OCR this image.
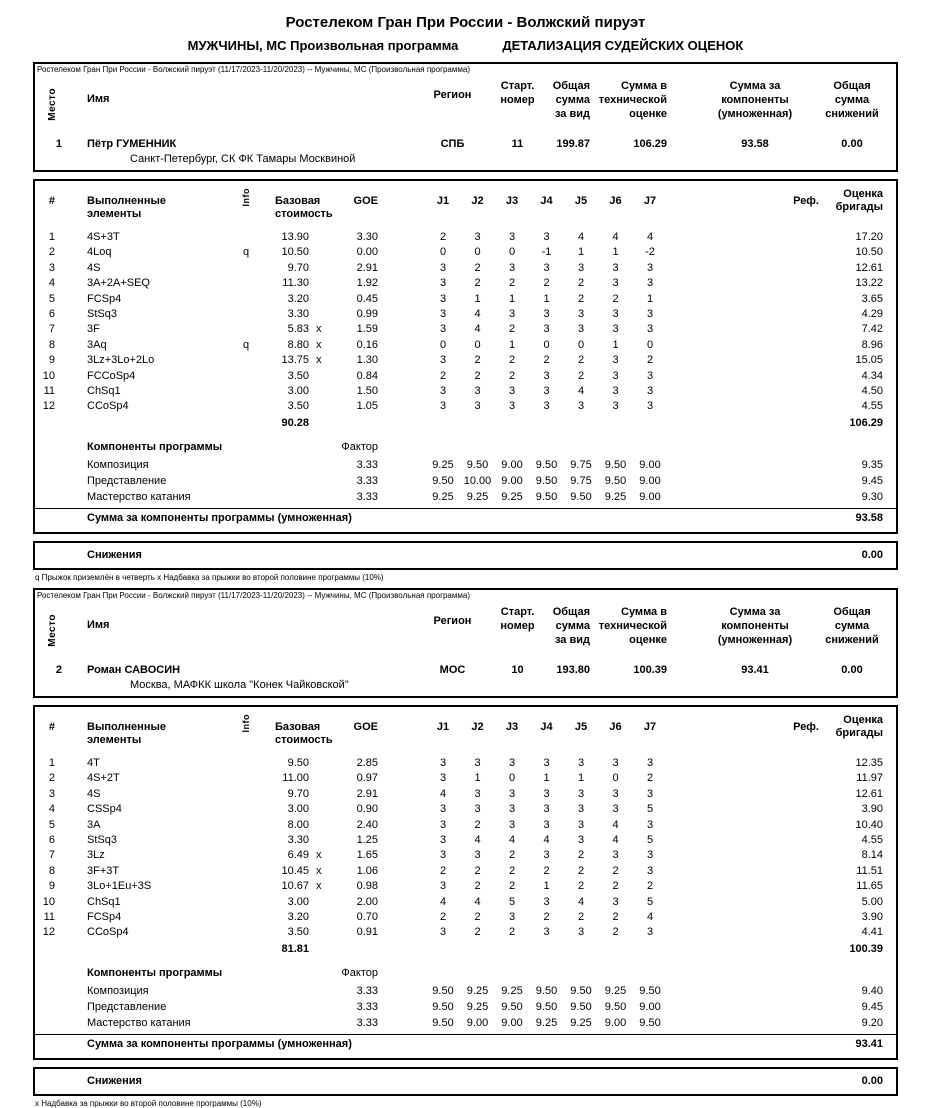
Ростелеком Гран При России - Волжский пируэт
МУЖЧИНЫ, МС Произвольная программа	ДЕТАЛИЗАЦИЯ СУДЕЙСКИХ ОЦЕНОК
Ростелеком Гран При России - Волжский пируэт (11/17/2023-11/20/2023) -- Мужчины, МС (Произвольная программа)
Место	Имя	Регион
Старт.
номер
Общая
сумма
за вид
Сумма в
технической
оценке
Сумма за
компоненты
(умноженная)
Общая
сумма
снижений
1	Пётр ГУМЕННИК	СПБ	11	199.87	106.29	93.58	0.00
Санкт-Петербург, СК ФК Тамары Москвиной
#	Выполненные
элементы
Info Базовая
стоимость
GOE	J1	J2	J3	J4	J5	J6	J7	Реф.
Оценка
бригады
1	4S+3T	13.90	3.30	2	3	3	3	4	4	4	17.20
2	4Loq	q	10.50	0.00	0	0	0	-1	1	1	-2	10.50
3	4S	9.70	2.91	3	2	3	3	3	3	3	12.61
4	3A+2A+SEQ	11.30	1.92	3	2	2	2	2	3	3	13.22
5	FCSp4	3.20	0.45	3	1	1	1	2	2	1	3.65
6	StSq3	3.30	0.99	3	4	3	3	3	3	3	4.29
7	3F	5.83 x	1.59	3	4	2	3	3	3	3	7.42
8	3Aq	q	8.80 x	0.16	0	0	1	0	0	1	0	8.96
9	3Lz+3Lo+2Lo	13.75 x	1.30	3	2	2	2	2	3	2	15.05
10	FCCoSp4	3.50	0.84	2	2	2	3	2	3	3	4.34
11	ChSq1	3.00	1.50	3	3	3	3	4	3	3	4.50
12	CCoSp4	3.50	1.05	3	3	3	3	3	3	3	4.55
90.28	106.29
Компоненты программы	Фактор
Композиция	3.33	9.25	9.50	9.00	9.50	9.75	9.50	9.00	9.35
Представление	3.33	9.50 10.00 9.00	9.50	9.75	9.50	9.00	9.45
Мастерство катания	3.33	9.25	9.25	9.25	9.50	9.50	9.25	9.00	9.30
Сумма за компоненты программы (умноженная)	93.58
Снижения	0.00
q Прыжок приземлён в четверть x Надбавка за прыжки во второй половине программы (10%)
Ростелеком Гран При России - Волжский пируэт (11/17/2023-11/20/2023) -- Мужчины, МС (Произвольная программа)
Место	Имя	Регион
Старт.
номер
Общая
сумма
за вид
Сумма в
технической
оценке
Сумма за
компоненты
(умноженная)
Общая
сумма
снижений
2	Роман САВОСИН	МОС	10	193.80	100.39	93.41	0.00
Москва, МАФКК школа "Конек Чайковской"
#	Выполненные
элементы
Info Базовая
стоимость
GOE	J1	J2	J3	J4	J5	J6	J7	Реф.
Оценка
бригады
1	4T	9.50	2.85	3	3	3	3	3	3	3	12.35
2	4S+2T	11.00	0.97	3	1	0	1	1	0	2	11.97
3	4S	9.70	2.91	4	3	3	3	3	3	3	12.61
4	CSSp4	3.00	0.90	3	3	3	3	3	3	5	3.90
5	3A	8.00	2.40	3	2	3	3	3	4	3	10.40
6	StSq3	3.30	1.25	3	4	4	4	3	4	5	4.55
7	3Lz	6.49 x	1.65	3	3	2	3	2	3	3	8.14
8	3F+3T	10.45 x	1.06	2	2	2	2	2	2	3	11.51
9	3Lo+1Eu+3S	10.67 x	0.98	3	2	2	1	2	2	2	11.65
10	ChSq1	3.00	2.00	4	4	5	3	4	3	5	5.00
11	FCSp4	3.20	0.70	2	2	3	2	2	2	4	3.90
12	CCoSp4	3.50	0.91	3	2	2	3	3	2	3	4.41
81.81	100.39
Компоненты программы	Фактор
Композиция	3.33	9.50	9.25	9.25	9.50	9.50	9.25	9.50	9.40
Представление	3.33	9.50	9.25	9.50	9.50	9.50	9.50	9.00	9.45
Мастерство катания	3.33	9.50	9.00	9.00	9.25	9.25	9.00	9.50	9.20
Сумма за компоненты программы (умноженная)	93.41
Снижения	0.00
x Надбавка за прыжки во второй половине программы (10%)
